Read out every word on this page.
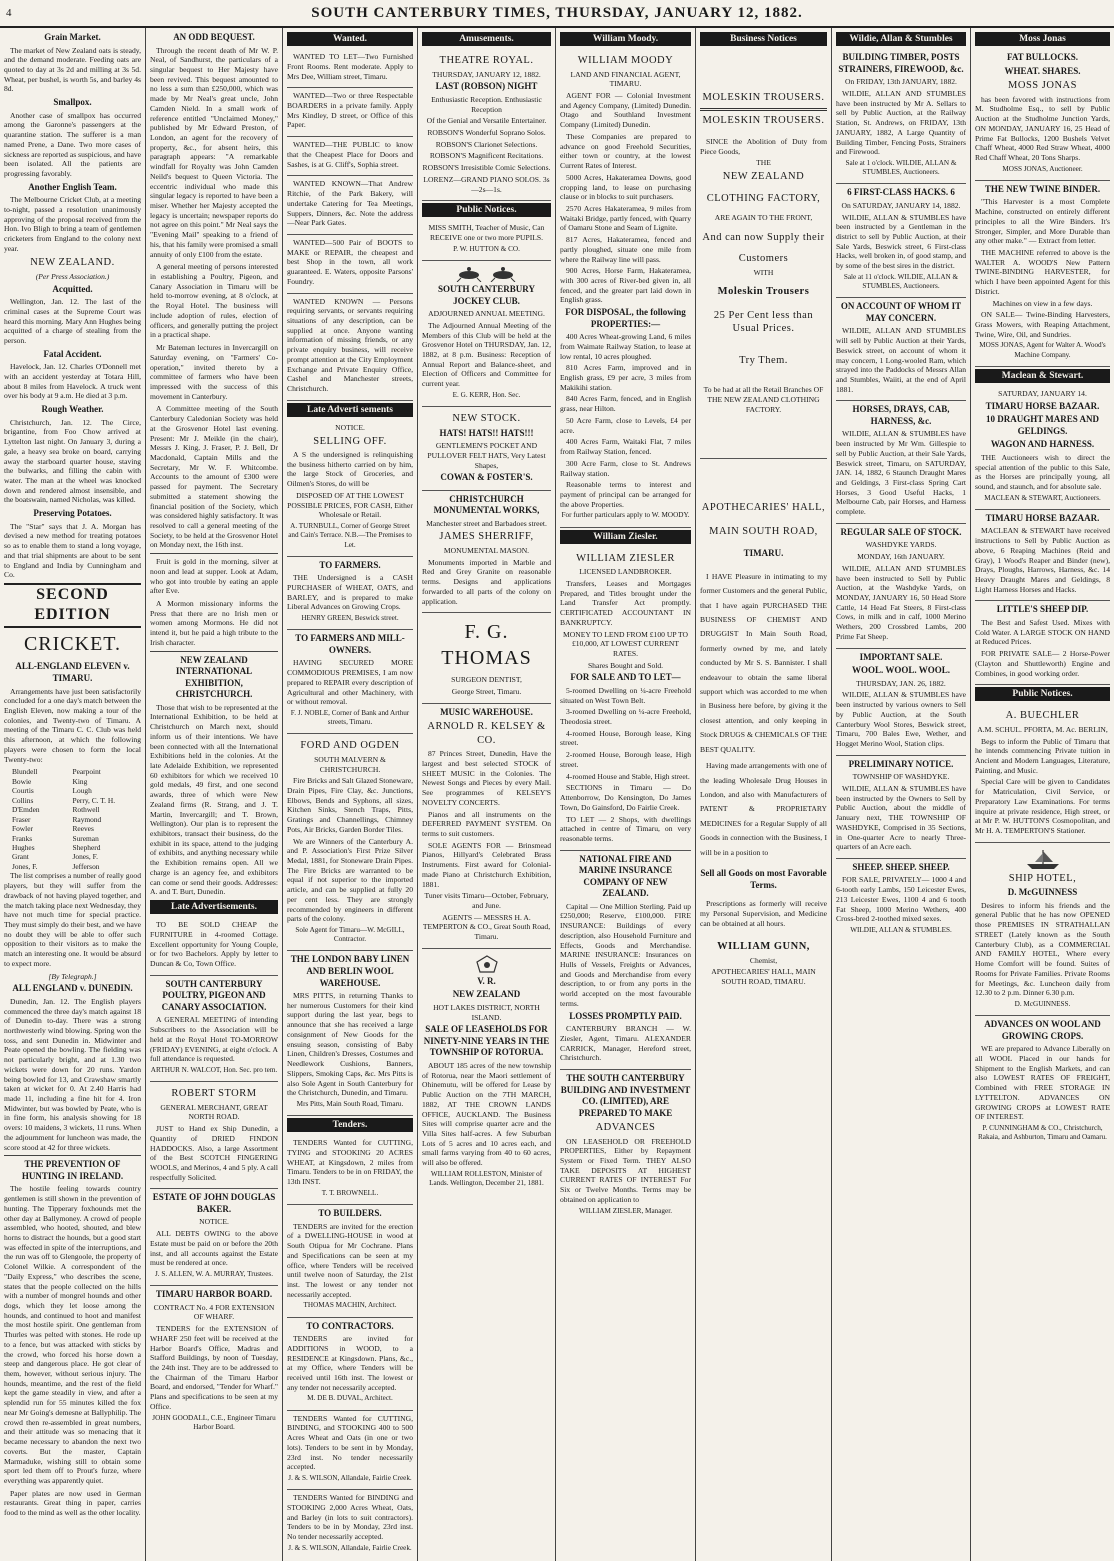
4	SOUTH CANTERBURY TIMES, THURSDAY, JANUARY 12, 1882.
Grain Market.

The market of New Zealand oats is steady, and the demand moderate. Feeding oats are quoted to day at 3s 2d and milling at 3s 5d. Wheat, per bushel, is worth 5s, and barley 4s 8d.

Smallpox.

Another case of smallpox has occurred among the Garonne's passengers at the quarantine station. The sufferer is a man named Prene, a Dane. Two more cases of sickness are reported as suspicious, and have been isolated. All the patients are progressing favorably.

Another English Team.

The Melbourne Cricket Club, at a meeting to-night, passed a resolution unanimously approving of the proposal received from the Hon. Ivo Bligh to bring a team of gentlemen cricketers from England to the colony next year.

NEW ZEALAND.
(Per Press Association.)
Acquitted.

Wellington, Jan. 12. The last of the criminal cases at the Supreme Court was heard this morning. Mary Ann Hughes being acquitted of a charge of stealing from the person.

Fatal Accident.

Havelock, Jan. 12. Charles O'Donnell met with an accident yesterday at Totara Hill, about 8 miles from Havelock. A truck went over his body at 9 a.m. He died at 3 p.m.

Rough Weather.

Christchurch, Jan. 12. The Circe, brigantine, from Foo Chow arrived at Lyttelton last night. On January 3, during a gale, a heavy sea broke on board, carrying away the starboard quarter house, staving the bulwarks, and filling the cabin with water. The man at the wheel was knocked down and rendered almost insensible, and the boatswain, named Nicholas, was killed.

Preserving Potatoes.

The "Star" says that J. A. Morgan has devised a new method for treating potatoes so as to enable them to stand a long voyage, and that trial shipments are about to be sent to England and India by Cunningham and Co.

SECOND EDITION
CRICKET.
ALL-ENGLAND ELEVEN v. TIMARU.

Arrangements have just been satisfactorily concluded for a one day's match between the English Eleven, now making a tour of the colonies, and Twenty-two of Timaru. A meeting of the Timaru C. C. Club was held this afternoon, at which the following players were chosen to form the local Twenty-two:

Blundell	Pearpoint
Bowie	King
Courtis	Lough
Collins	Perry, C. T. H.
D'Emden	Rothwell
Fraser	Raymond
Fowler	Reeves
Franks	Sureman
Hughes	Shepherd
Grant	Jones, F.
Jones, F.	Jefferson

The list comprises a number of really good players, but they will suffer from the drawback of not having played together, and the match taking place next Wednesday, they have not much time for special practice. They must simply do their best, and we have no doubt they will be able to offer such opposition to their visitors as to make the match an interesting one. It would be absurd to expect more.

[By Telegraph.]
ALL ENGLAND v. DUNEDIN.

Dunedin, Jan. 12. The English players commenced the three day's match against 18 of Dunedin to-day. There was a strong northwesterly wind blowing. Spring won the toss, and sent Dunedin in. Midwinter and Peate opened the bowling. The fielding was not particularly bright, and at 1.30 two wickets were down for 20 runs. Yardon being bowled for 13, and Crawshaw smartly taken at wicket for 0. At 2.40 Harris had made 11, including a fine hit for 4. Iron Midwinter, but was bowled by Peate, who is in fine form, his analysis showing for 18 overs: 10 maidens, 3 wickets, 11 runs. When the adjournment for luncheon was made, the score stood at 42 for three wickets.

THE PREVENTION OF HUNTING IN IRELAND.

The hostile feeling towards country gentlemen is still shown in the prevention of hunting. The Tipperary foxhounds met the other day at Ballymoney. A crowd of people assembled, who hooted, shouted, and blew horns to distract the hounds, but a good start was effected in spite of the interruptions, and the run was off to Glengoole, the property of Colonel Wilkie. A correspondent of the "Daily Express," who describes the scene, states that the people collected on the hills with a number of mongrel hounds and other dogs, which they let loose among the hounds, and continued to hoot and manifest the most hostile spirit. One gentleman from Thurles was pelted with stones. He rode up to a fence, but was attacked with sticks by the crowd, who forced his horse down a steep and dangerous place. He got clear of them, however, without serious injury. The hounds, meantime, and the rest of the field kept the game steadily in view, and after a splendid run for 55 minutes killed the fox near Mr Going's demesne at Ballyphilip. The crowd then re-assembled in great numbers, and their attitude was so menacing that it became necessary to abandon the next two coverts. But the master, Captain Marmaduke, wishing still to obtain some sport led them off to Prout's furze, where everything was apparently quiet.

Paper plates are now used in German restaurants. Great thing in paper, carries food to the mind as well as the other locality.

AN ODD BEQUEST.

Through the recent death of Mr W. P. Neal, of Sandhurst, the particulars of a singular bequest to Her Majesty have been revived. This bequest amounted to no less a sum than £250,000, which was made by Mr Neal's great uncle, John Camden Nield. In a small work of reference entitled "Unclaimed Money," published by Mr Edward Preston, of London, an agent for the recovery of property, &c., for absent heirs, this paragraph appears: "A remarkable windfall for Royalty was John Camden Neild's bequest to Queen Victoria. The eccentric individual who made this singular legacy is reported to have been a miser. Whether her Majesty accepted the legacy is uncertain; newspaper reports do not agree on this point." Mr Neal says the "Evening Mail" speaking to a friend of his, that his family were promised a small annuity of only £100 from the estate.

A general meeting of persons interested in establishing a Poultry, Pigeon, and Canary Association in Timaru will be held to-morrow evening, at 8 o'clock, at the Royal Hotel. The business will include adoption of rules, election of officers, and generally putting the project in a practical shape.

Mr Bateman lectures in Invercargill on Saturday evening, on "Farmers' Co-operation," invited thereto by a committee of farmers who have been impressed with the success of this movement in Canterbury.

A Committee meeting of the South Canterbury Caledonian Society was held at the Grosvenor Hotel last evening. Present: Mr J. Meikle (in the chair), Messrs J. King, J. Fraser, P. J. Bell, Dr Macdonald, Captain Mills and the Secretary, Mr W. F. Whitcombe. Accounts to the amount of £300 were passed for payment. The Secretary submitted a statement showing the financial position of the Society, which was considered highly satisfactory. It was resolved to call a general meeting of the Society, to be held at the Grosvenor Hotel on Monday next, the 16th inst.

Fruit is gold in the morning, silver at noon and lead at supper. Look at Adam, who got into trouble by eating an apple after Eve.

A Mormon missionary informs the Press that there are no Irish men or women among Mormons. He did not intend it, but he paid a high tribute to the Irish character.

NEW ZEALAND INTERNATIONAL EXHIBITION, CHRISTCHURCH.

Those that wish to be represented at the International Exhibition, to be held at Christchurch on March next, should inform us of their intentions. We have been connected with all the International Exhibitions held in the colonies. At the late Adelaide Exhibition, we represented 60 exhibitors for which we received 10 gold medals, 49 first, and one second awards, three of which were New Zealand firms (R. Strang, and J. T. Martin, Invercargill; and T. Brown, Wellington). Our plan is to represent the exhibitors, transact their business, do the exhibit in its space, attend to the judging of exhibits, and anything necessary while the Exhibition remains open. All we charge is an agency fee, and exhibitors can come or send their goods. Addresses: A. and T. Burt, Dunedin.

Late Advertisements.

TO BE SOLD CHEAP the FURNITURE in 4-roomed Cottage. Excellent opportunity for Young Couple, or for two Bachelors. Apply by letter to Duncan & Co, Town Office.

SOUTH CANTERBURY POULTRY, PIGEON AND CANARY ASSOCIATION.

A GENERAL MEETING of intending Subscribers to the Association will be held at the Royal Hotel TO-MORROW (FRIDAY) EVENING, at eight o'clock. A full attendance is requested.

ARTHUR N. WALCOT, Hon. Sec. pro tem.

ROBERT STORM

GENERAL MERCHANT, GREAT NORTH ROAD.

JUST to Hand ex Ship Dunedin, a Quantity of DRIED FINDON HADDOCKS. Also, a large Assortment of the Best SCOTCH FINGERING WOOLS, and Merinos, 4 and 5 ply. A call respectfully Solicited.

ESTATE OF JOHN DOUGLAS BAKER.

NOTICE.

ALL DEBTS OWING to the above Estate must be paid on or before the 20th inst, and all accounts against the Estate must be rendered at once.

J. S. ALLEN, W. A. MURRAY, Trustees.

TIMARU HARBOR BOARD.

CONTRACT No. 4 FOR EXTENSION OF WHARF.

TENDERS for the EXTENSION of WHARF 250 feet will be received at the Harbor Board's Office, Madras and Stafford Buildings, by noon of Tuesday, the 24th inst. They are to be addressed to the Chairman of the Timaru Harbor Board, and endorsed, "Tender for Wharf." Plans and specifications to be seen at my Office.

JOHN GOODALL, C.E., Engineer Timaru Harbor Board.

Wanted.

WANTED TO LET—Two Furnished Front Rooms. Rent moderate. Apply to Mrs Dee, William street, Timaru.

WANTED—Two or three Respectable BOARDERS in a private family. Apply Mrs Kindley, D street, or Office of this Paper.

WANTED—THE PUBLIC to know that the Cheapest Place for Doors and Sashes, is at G. Cliff's, Sophia street.

WANTED KNOWN—That Andrew Ritchie, of the Park Bakery, will undertake Catering for Tea Meetings, Suppers, Dinners, &c. Note the address—Near Park Gates.

WANTED—500 Pair of BOOTS to MAKE or REPAIR, the cheapest and best Shop in the town, all work guaranteed. E. Waters, opposite Parsons' Foundry.

WANTED KNOWN — Persons requiring servants, or servants requiring situations of any description, can be supplied at once. Anyone wanting information of missing friends, or any private enquiry business, will receive prompt attention at the City Employment Exchange and Private Enquiry Office, Cashel and Manchester streets, Christchurch.

Late Adverti sements

NOTICE.

SELLING OFF.

A S the undersigned is relinquishing the business hitherto carried on by him, the large Stock of Groceries, and Oilmen's Stores, do will be

DISPOSED OF AT THE LOWEST POSSIBLE PRICES, FOR CASH, Either Wholesale or Retail.

A. TURNBULL, Corner of George Street and Cain's Terrace. N.B.—The Premises to Let.

TO FARMERS.

THE Undersigned is a CASH PURCHASER of WHEAT, OATS, and BARLEY, and is prepared to make Liberal Advances on Growing Crops.

HENRY GREEN, Beswick street.

TO FARMERS AND MILL-OWNERS.

HAVING SECURED MORE COMMODIOUS PREMISES, I am now prepared to REPAIR every description of Agricultural and other Machinery, with or without removal.

F. J. NOBLE, Corner of Bank and Arthur streets, Timaru.

FORD AND OGDEN

SOUTH MALVERN & CHRISTCHURCH.

Fire Bricks and Salt Glazed Stoneware, Drain Pipes, Fire Clay, &c. Junctions, Elbows, Bends and Syphons, all sizes, Kitchen Sinks, Stench Traps, Pitts, Gratings and Channellings, Chimney Pots, Air Bricks, Garden Border Tiles.

We are Winners of the Canterbury A. and P. Association's First Prize Silver Medal, 1881, for Stoneware Drain Pipes. The Fire Bricks are warranted to be equal if not superior to the imported article, and can be supplied at fully 20 per cent less. They are strongly recommended by engineers in different parts of the colony.

Sole Agent for Timaru—W. McGILL, Contractor.

THE LONDON BABY LINEN AND BERLIN WOOL WAREHOUSE.

MRS PITTS, in returning Thanks to her numerous Customers for their kind support during the last year, begs to announce that she has received a large consignment of New Goods for the ensuing season, consisting of Baby Linen, Children's Dresses, Costumes and Needlework Cushions, Banners, Slippers, Smoking Caps, &c. Mrs Pitts is also Sole Agent in South Canterbury for the Christchurch, Dunedin, and Timaru.

Mrs Pitts, Main South Road, Timaru.

Tenders.

TENDERS Wanted for CUTTING, TYING and STOOKING 20 ACRES WHEAT, at Kingsdown, 2 miles from Timaru. Tenders to be in on FRIDAY, the 13th INST.

T. T. BROWNELL.

TO BUILDERS.

TENDERS are invited for the erection of a DWELLING-HOUSE in wood at South Otipua for Mr Cochrane. Plans and Specifications can be seen at my office, where Tenders will be received until twelve noon of Saturday, the 21st inst. The lowest or any tender not necessarily accepted.

THOMAS MACHIN, Architect.

TO CONTRACTORS.

TENDERS are invited for ADDITIONS in WOOD, to a RESIDENCE at Kingsdown. Plans, &c., at my Office, where Tenders will be received until 16th inst. The lowest or any tender not necessarily accepted.

M. DE B. DUVAL, Architect.

TENDERS Wanted for CUTTING, BINDING, and STOOKING 400 to 500 Acres Wheat and Oats (in one or two lots). Tenders to be sent in by Monday, 23rd inst. No tender necessarily accepted.

J. & S. WILSON, Allandale, Fairlie Creek.

TENDERS Wanted for BINDING and STOOKING 2,000 Acres Wheat, Oats, and Barley (in lots to suit contractors). Tenders to be in by Monday, 23rd inst. No tender necessarily accepted.

J. & S. WILSON, Allandale, Fairlie Creek.

Amusements.
THEATRE ROYAL.

THURSDAY, JANUARY 12, 1882.

LAST (ROBSON) NIGHT

Enthusiastic Reception. Enthusiastic Reception

Of the Genial and Versatile Entertainer.

ROBSON'S Wonderful Soprano Solos.

ROBSON'S Clarionet Selections.

ROBSON'S Magnificent Recitations.

ROBSON'S Irresistible Comic Selections.

LORENZ—GRAND PIANO SOLOS. 3s—2s—1s.

Public Notices.

MISS SMITH, Teacher of Music, Can RECEIVE one or two more PUPILS.

P. W. HUTTON & CO.

SOUTH CANTERBURY JOCKEY CLUB.

ADJOURNED ANNUAL MEETING.

The Adjourned Annual Meeting of the Members of this Club will be held at the Grosvenor Hotel on THURSDAY, Jan. 12, 1882, at 8 p.m. Business: Reception of Annual Report and Balance-sheet, and Election of Officers and Committee for current year.

E. G. KERR, Hon. Sec.

NEW STOCK.

HATS! HATS!! HATS!!!

GENTLEMEN'S POCKET AND PULLOVER FELT HATS, Very Latest Shapes,

COWAN & FOSTER'S.

CHRISTCHURCH MONUMENTAL WORKS,

Manchester street and Barbadoes street.

JAMES SHERRIFF,

MONUMENTAL MASON.

Monuments imported in Marble and Red and Grey Granite on reasonable terms. Designs and applications forwarded to all parts of the colony on application.

F. G. THOMAS

SURGEON DENTIST,

George Street, Timaru.

MUSIC WAREHOUSE.

ARNOLD R. KELSEY & CO.

87 Princes Street, Dunedin, Have the largest and best selected STOCK of SHEET MUSIC in the Colonies. The Newest Songs and Pieces by every Mail. See programmes of KELSEY'S NOVELTY CONCERTS.

Pianos and all instruments on the DEFERRED PAYMENT SYSTEM. On terms to suit customers.

SOLE AGENTS FOR — Brinsmead Pianos, Hillyard's Celebrated Brass Instruments. First award for Colonial-made Piano at Christchurch Exhibition, 1881.

Tuner visits Timaru—October, February, and June.

AGENTS — MESSRS H. A. TEMPERTON & CO., Great South Road, Timaru.

V. R.

NEW ZEALAND

HOT LAKES DISTRICT, NORTH ISLAND.

SALE OF LEASEHOLDS FOR NINETY-NINE YEARS IN THE TOWNSHIP OF ROTORUA.

ABOUT 185 acres of the new township of Rotorua, near the Maori settlement of Ohinemutu, will be offered for Lease by Public Auction on the 7TH MARCH, 1882, AT THE CROWN LANDS OFFICE, AUCKLAND. The Business Sites will comprise quarter acre and the Villa Sites half-acres. A few Suburban Lots of 5 acres and 10 acres each, and small farms varying from 40 to 60 acres, will also be offered.

WILLIAM ROLLESTON, Minister of Lands. Wellington, December 21, 1881.

William Moody.
WILLIAM MOODY

LAND AND FINANCIAL AGENT, TIMARU.

AGENT FOR — Colonial Investment and Agency Company, (Limited) Dunedin. Otago and Southland Investment Company (Limited) Dunedin.

These Companies are prepared to advance on good Freehold Securities, either town or country, at the lowest Current Rates of Interest.

5000 Acres, Hakateramea Downs, good cropping land, to lease on purchasing clause or in blocks to suit purchasers.

2570 Acres Hakateramea, 9 miles from Waitaki Bridge, partly fenced, with Quarry of Oamaru Stone and Seam of Lignite.

817 Acres, Hakateramea, fenced and partly ploughed, situate one mile from where the Railway line will pass.

900 Acres, Horse Farm, Hakateramea, with 300 acres of River-bed given in, all fenced, and the greater part laid down in English grass.

FOR DISPOSAL, the following PROPERTIES:—

400 Acres Wheat-growing Land, 6 miles from Waimate Railway Station, to lease at low rental, 10 acres ploughed.

810 Acres Farm, improved and in English grass, £9 per acre, 3 miles from Makikihi station.

840 Acres Farm, fenced, and in English grass, near Hilton.

50 Acre Farm, close to Levels, £4 per acre.

400 Acres Farm, Waitaki Flat, 7 miles from Railway Station, fenced.

300 Acre Farm, close to St. Andrews Railway station.

Reasonable terms to interest and payment of principal can be arranged for the above Properties.

For further particulars apply to W. MOODY.

William Ziesler.
WILLIAM ZIESLER

LICENSED LANDBROKER.

Transfers, Leases and Mortgages Prepared, and Titles brought under the Land Transfer Act promptly. CERTIFICATED ACCOUNTANT IN BANKRUPTCY.

MONEY TO LEND FROM £100 UP TO £10,000, AT LOWEST CURRENT RATES.

Shares Bought and Sold.

FOR SALE AND TO LET—

5-roomed Dwelling on ¼-acre Freehold situated on West Town Belt.

3-roomed Dwelling on ¼-acre Freehold, Theodosia street.

4-roomed House, Borough lease, King street.

2-roomed House, Borough lease, High street.

4-roomed House and Stable, High street.

SECTIONS in Timaru — Do Attenborrow, Do Kensington, Do James Town, Do Gainsford, Do Fairlie Creek.

TO LET — 2 Shops, with dwellings attached in centre of Timaru, on very reasonable terms.

NATIONAL FIRE AND MARINE INSURANCE COMPANY OF NEW ZEALAND.

Capital — One Million Sterling. Paid up £250,000; Reserve, £100,000. FIRE INSURANCE: Buildings of every description, also Household Furniture and Effects, Goods and Merchandise. MARINE INSURANCE: Insurances on Hulls of Vessels, Freights or Advances, and Goods and Merchandise from every description, to or from any ports in the world accepted on the most favourable terms.

LOSSES PROMPTLY PAID.

CANTERBURY BRANCH — W. Ziesler, Agent, Timaru. ALEXANDER CARRICK, Manager, Hereford street, Christchurch.

THE SOUTH CANTERBURY BUILDING AND INVESTMENT CO. (LIMITED), ARE PREPARED TO MAKE

ADVANCES

ON LEASEHOLD OR FREEHOLD PROPERTIES, Either by Repayment System or Fixed Term. THEY ALSO TAKE DEPOSITS AT HIGHEST CURRENT RATES OF INTEREST For Six or Twelve Months. Terms may be obtained on application to

WILLIAM ZIESLER, Manager.

Business Notices
MOLESKIN TROUSERS.
MOLESKIN TROUSERS.

SINCE the Abolition of Duty from Piece Goods,

THE

NEW ZEALAND
CLOTHING FACTORY,

ARE AGAIN TO THE FRONT,

And can now Supply their
Customers

WITH

Moleskin Trousers
25 Per Cent less than Usual Prices.
Try Them.

To be had at all the Retail Branches OF THE NEW ZEALAND CLOTHING FACTORY.

APOTHECARIES' HALL,
MAIN SOUTH ROAD,

TIMARU.

I HAVE Pleasure in intimating to my former Customers and the general Public, that I have again PURCHASED THE BUSINESS OF CHEMIST AND DRUGGIST In Main South Road, formerly owned by me, and lately conducted by Mr S. S. Bannister. I shall endeavour to obtain the same liberal support which was accorded to me when in Business here before, by giving it the closest attention, and only keeping in Stock DRUGS & CHEMICALS OF THE BEST QUALITY.

Having made arrangements with one of the leading Wholesale Drug Houses in London, and also with Manufacturers of PATENT & PROPRIETARY MEDICINES for a Regular Supply of all Goods in connection with the Business, I will be in a position to

Sell all Goods on most Favorable Terms.

Prescriptions as formerly will receive my Personal Supervision, and Medicine can be obtained at all hours.

WILLIAM GUNN,

Chemist,

APOTHECARIES' HALL, MAIN SOUTH ROAD, TIMARU.

Wildie, Allan & Stumbles

BUILDING TIMBER, POSTS STRAINERS, FIREWOOD, &c.

On FRIDAY, 13th JANUARY, 1882.

WILDIE, ALLAN AND STUMBLES have been instructed by Mr A. Sellars to sell by Public Auction, at the Railway Station, St. Andrews, on FRIDAY, 13th JANUARY, 1882, A Large Quantity of Building Timber, Fencing Posts, Strainers and Firewood.

Sale at 1 o'clock. WILDIE, ALLAN & STUMBLES, Auctioneers.

6 FIRST-CLASS HACKS. 6

On SATURDAY, JANUARY 14, 1882.

WILDIE, ALLAN & STUMBLES have been instructed by a Gentleman in the district to sell by Public Auction, at their Sale Yards, Beswick street, 6 First-class Hacks, well broken in, of good stamp, and by some of the best sires in the district.

Sale at 11 o'clock. WILDIE, ALLAN & STUMBLES, Auctioneers.

ON ACCOUNT OF WHOM IT MAY CONCERN.

WILDIE, ALLAN AND STUMBLES will sell by Public Auction at their Yards, Beswick street, on account of whom it may concern, 1 Long-wooled Ram, which strayed into the Paddocks of Messrs Allan and Stumbles, Waiiti, at the end of April 1881.

HORSES, DRAYS, CAB, HARNESS, &c.

WILDIE, ALLAN & STUMBLES have been instructed by Mr Wm. Gillespie to sell by Public Auction, at their Sale Yards, Beswick street, Timaru, on SATURDAY, JAN. 14, 1882, 6 Staunch Draught Mares and Geldings, 3 First-class Spring Cart Horses, 3 Good Useful Hacks, 1 Melbourne Cab, pair Horses, and Harness complete.

REGULAR SALE OF STOCK.

WASHDYKE YARDS.

MONDAY, 16th JANUARY.

WILDIE, ALLAN AND STUMBLES have been instructed to Sell by Public Auction, at the Washdyke Yards, on MONDAY, JANUARY 16, 50 Head Store Cattle, 14 Head Fat Steers, 8 First-class Cows, in milk and in calf, 1000 Merino Wethers, 200 Crossbred Lambs, 200 Prime Fat Sheep.

IMPORTANT SALE.

WOOL. WOOL. WOOL.

THURSDAY, JAN. 26, 1882.

WILDIE, ALLAN & STUMBLES have been instructed by various owners to Sell by Public Auction, at the South Canterbury Wool Stores, Beswick street, Timaru, 700 Bales Ewe, Wether, and Hogget Merino Wool, Station clips.

PRELIMINARY NOTICE.

TOWNSHIP OF WASHDYKE.

WILDIE, ALLAN & STUMBLES have been instructed by the Owners to Sell by Public Auction, about the middle of January next, THE TOWNSHIP OF WASHDYKE, Comprised in 35 Sections, in One-quarter Acre to nearly Three-quarters of an Acre each.

SHEEP. SHEEP. SHEEP.

FOR SALE, PRIVATELY— 1000 4 and 6-tooth early Lambs, 150 Leicester Ewes, 213 Leicester Ewes, 1100 4 and 6 tooth Fat Sheep, 1000 Merino Wethers, 400 Cross-bred 2-toothed mixed sexes.

WILDIE, ALLAN & STUMBLES.

Moss Jonas

FAT BULLOCKS.

WHEAT. SHARES.

MOSS JONAS

has been favored with instructions from M. Studholme Esq., to sell by Public Auction at the Studholme Junction Yards, ON MONDAY, JANUARY 16, 25 Head of Prime Fat Bullocks, 1200 Bushels Velvet Chaff Wheat, 4000 Red Straw Wheat, 4000 Red Chaff Wheat, 20 Tons Sharps.

MOSS JONAS, Auctioneer.

THE NEW TWINE BINDER.

"This Harvester is a most Complete Machine, constructed on entirely different principles to all the Wire Binders. It's Stronger, Simpler, and More Durable than any other make." — Extract from letter.

THE MACHINE referred to above is the WALTER A. WOOD'S New Pattern TWINE-BINDING HARVESTER, for which I have been appointed Agent for this District.

Machines on view in a few days.

ON SALE— Twine-Binding Harvesters, Grass Mowers, with Reaping Attachment, Twine, Wire, Oil, and Sundries.

MOSS JONAS, Agent for Walter A. Wood's Machine Company.

Maclean & Stewart.

SATURDAY, JANUARY 14.

TIMARU HORSE BAZAAR.

10 DRAUGHT MARES AND GELDINGS.

WAGON AND HARNESS.

THE Auctioneers wish to direct the special attention of the public to this Sale, as the Horses are principally young, all sound, and staunch, and for absolute sale.

MACLEAN & STEWART, Auctioneers.

TIMARU HORSE BAZAAR.

MACLEAN & STEWART have received instructions to Sell by Public Auction as above, 6 Reaping Machines (Reid and Gray), 1 Wood's Reaper and Binder (new), Drays, Ploughs, Harrows, Harness, &c. 14 Heavy Draught Mares and Geldings, 8 Light Harness Horses and Hacks.

LITTLE'S SHEEP DIP.

The Best and Safest Used. Mixes with Cold Water. A LARGE STOCK ON HAND at Reduced Prices.

FOR PRIVATE SALE— 2 Horse-Power (Clayton and Shuttleworth) Engine and Combines, in good working order.

Public Notices.
A. BUECHLER

A.M. SCHUL. PFORTA, M. Ac. BERLIN,

Begs to inform the Public of Timaru that he intends commencing Private tuition in Ancient and Modern Languages, Literature, Painting, and Music.

Special Care will be given to Candidates for Matriculation, Civil Service, or Preparatory Law Examinations. For terms inquire at private residence, High street, or at Mr P. W. HUTTON'S Cosmopolitan, and Mr H. A. TEMPERTON'S Stationer.

SHIP HOTEL,

D. McGUINNESS

Desires to inform his friends and the general Public that he has now OPENED those PREMISES IN STRATHALLAN STREET (Lately known as the South Canterbury Club), as a COMMERCIAL AND FAMILY HOTEL, Where every Home Comfort will be found. Suites of Rooms for Private Families. Private Rooms for Meetings, &c. Luncheon daily from 12.30 to 2 p.m. Dinner 6.30 p.m.

D. McGUINNESS.

ADVANCES ON WOOL AND GROWING CROPS.

WE are prepared to Advance Liberally on all WOOL Placed in our hands for Shipment to the English Markets, and can also LOWEST RATES OF FREIGHT, Combined with FREE STORAGE IN LYTTELTON. ADVANCES ON GROWING CROPS at LOWEST RATE OF INTEREST.

P. CUNNINGHAM & CO., Christchurch, Rakaia, and Ashburton, Timaru and Oamaru.
